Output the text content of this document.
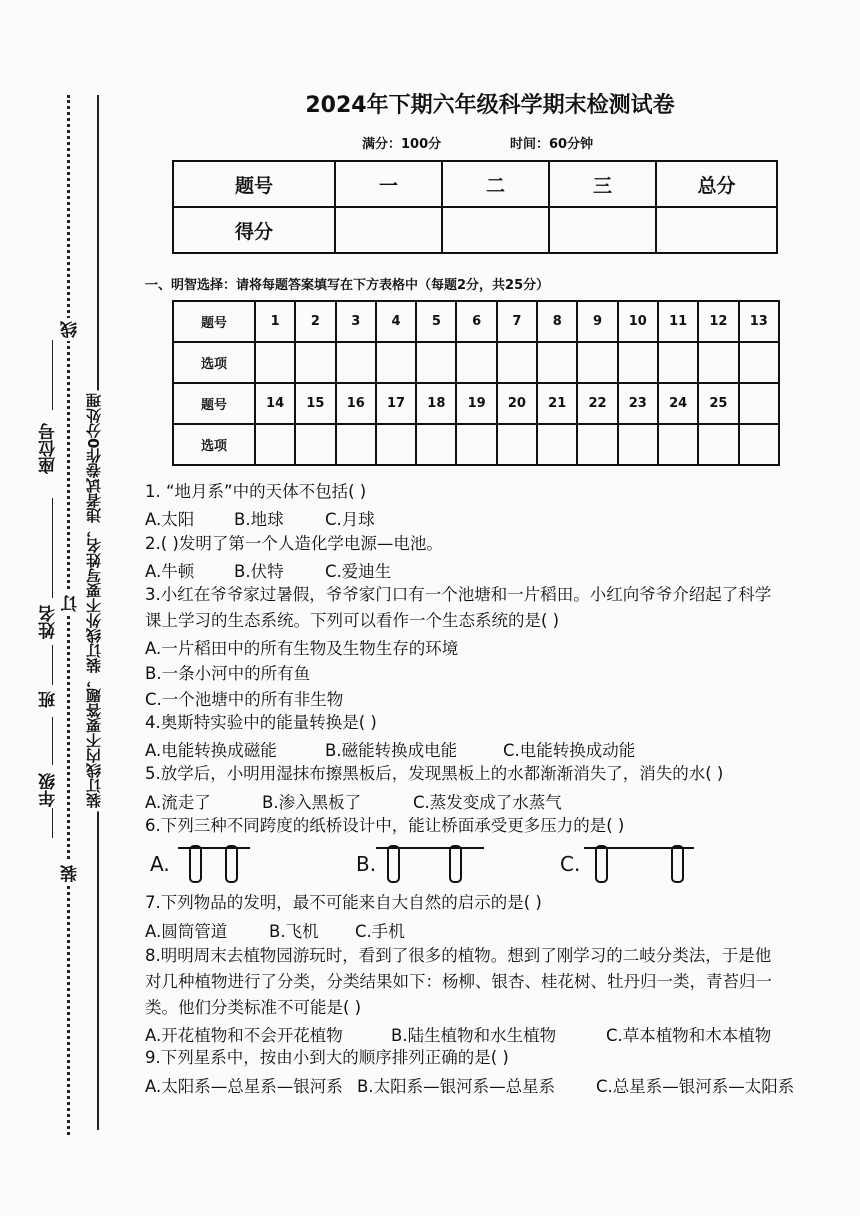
装订线内不要答题，装订线外不要写姓名，违者试卷作0分处理
线
订
装
座位号
姓名
班
年级
2024年下期六年级科学期末检测试卷
满分：100分	时间：60分钟
题号	一	二	三	总分
得分				
一、明智选择：请将每题答案填写在下方表格中（每题2分，共25分）
题号	1	2	3	4	5	6	7	8	9	10	11	12	13
选项													
题号	14	15	16	17	18	19	20	21	22	23	24	25	
选项													
1. “地月系”中的天体不包括( )
A.太阳 B.地球	C.月球
2.( )发明了第一个人造化学电源—电池。
A.牛顿 B.伏特	C.爱迪生
3.小红在爷爷家过暑假，爷爷家门口有一个池塘和一片稻田。小红向爷爷介绍起了科学
课上学习的生态系统。下列可以看作一个生态系统的是( )
A.一片稻田中的所有生物及生物生存的环境
B.一条小河中的所有鱼
C.一个池塘中的所有非生物
4.奥斯特实验中的能量转换是( )
A.电能转换成磁能	B.磁能转换成电能	C.电能转换成动能
5.放学后，小明用湿抹布擦黑板后，发现黑板上的水都渐渐消失了，消失的水( )
A.流走了	B.渗入黑板了	C.蒸发变成了水蒸气
6.下列三种不同跨度的纸桥设计中，能让桥面承受更多压力的是( )
A.	B.	C.
7.下列物品的发明，最不可能来自大自然的启示的是( )
A.圆筒管道	B.飞机 C.手机
8.明明周末去植物园游玩时，看到了很多的植物。想到了刚学习的二岐分类法，于是他
对几种植物进行了分类，分类结果如下：杨柳、银杏、桂花树、牡丹归一类，青苔归一
类。他们分类标准不可能是( )
A.开花植物和不会开花植物	B.陆生植物和水生植物	C.草本植物和木本植物
9.下列星系中，按由小到大的顺序排列正确的是( )
A.太阳系—总星系—银河系 B.太阳系—银河系—总星系 C.总星系—银河系—太阳系
